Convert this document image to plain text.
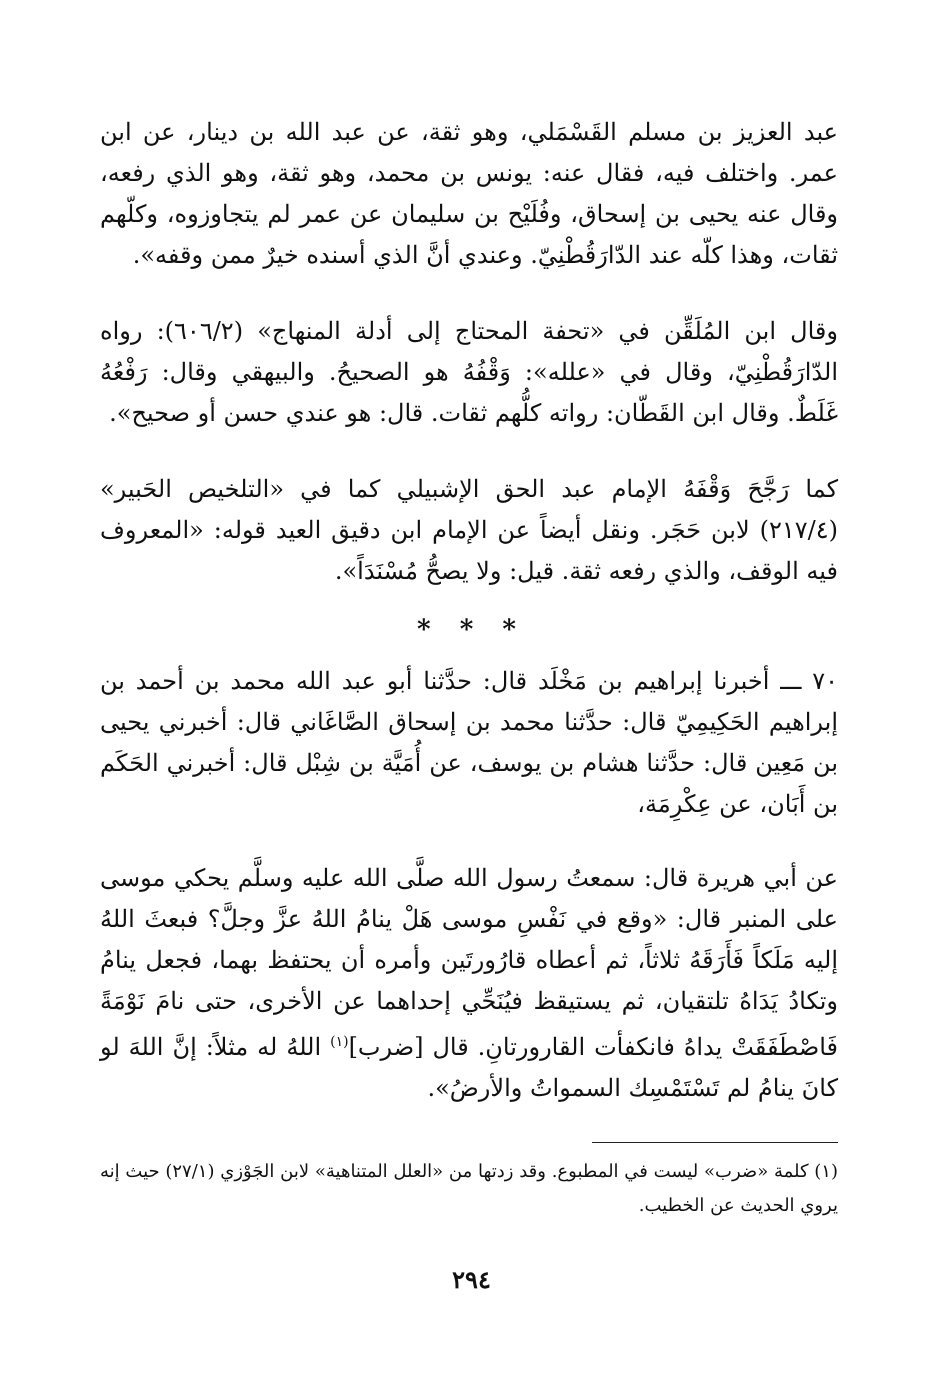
عبد العزيز بن مسلم القَسْمَلي، وهو ثقة، عن عبد الله بن دينار، عن ابن عمر. واختلف فيه، فقال عنه: يونس بن محمد، وهو ثقة، وهو الذي رفعه، وقال عنه يحيى بن إسحاق، وفُلَيْح بن سليمان عن عمر لم يتجاوزوه، وكلّهم ثقات، وهذا كلّه عند الدّارَقُطْنِيّ. وعندي أنَّ الذي أسنده خيرٌ ممن وقفه».

وقال ابن المُلَقِّن في «تحفة المحتاج إلى أدلة المنهاج» (٦٠٦/٢): رواه الدّارَقُطْنِيّ، وقال في «علله»: وَقْفُهُ هو الصحيحُ. والبيهقي وقال: رَفْعُهُ غَلَطٌ. وقال ابن القَطّان: رواته كلُّهم ثقات. قال: هو عندي حسن أو صحيح».

كما رَجَّحَ وَقْفَهُ الإمام عبد الحق الإشبيلي كما في «التلخيص الحَبير» (٢١٧/٤) لابن حَجَر. ونقل أيضاً عن الإمام ابن دقيق العيد قوله: «المعروف فيه الوقف، والذي رفعه ثقة. قيل: ولا يصحُّ مُسْنَدَاً».

* * *

٧٠ ـــ أخبرنا إبراهيم بن مَخْلَد قال: حدَّثنا أبو عبد الله محمد بن أحمد بن إبراهيم الحَكِيمِيّ قال: حدَّثنا محمد بن إسحاق الصَّاغَاني قال: أخبرني يحيى بن مَعِين قال: حدَّثنا هشام بن يوسف، عن أُمَيَّة بن شِبْل قال: أخبرني الحَكَم بن أَبَان، عن عِكْرِمَة،

عن أبي هريرة قال: سمعتُ رسول الله صلَّى الله عليه وسلَّم يحكي موسى على المنبر قال: «وقع في نَفْسِ موسى هَلْ ينامُ اللهُ عزَّ وجلَّ؟ فبعثَ اللهُ إليه مَلَكاً فَأَرَقَهُ ثلاثاً، ثم أعطاه قارُورتَين وأمره أن يحتفظ بهما، فجعل ينامُ وتكادُ يَدَاهُ تلتقيان، ثم يستيقظ فيُنَحِّي إحداهما عن الأخرى، حتى نامَ نَوْمَةً فَاصْطَفَقَتْ يداهُ فانكفأت القارورتانِ. قال [ضرب]$^{(١)}$ اللهُ له مثلاً: إنَّ اللهَ لو كانَ ينامُ لم تَسْتَمْسِك السمواتُ والأرضُ».

(١) كلمة «ضرب» ليست في المطبوع. وقد زدتها من «العلل المتناهية» لابن الجَوْزي (٢٧/١) حيث إنه يروي الحديث عن الخطيب.

٢٩٤
